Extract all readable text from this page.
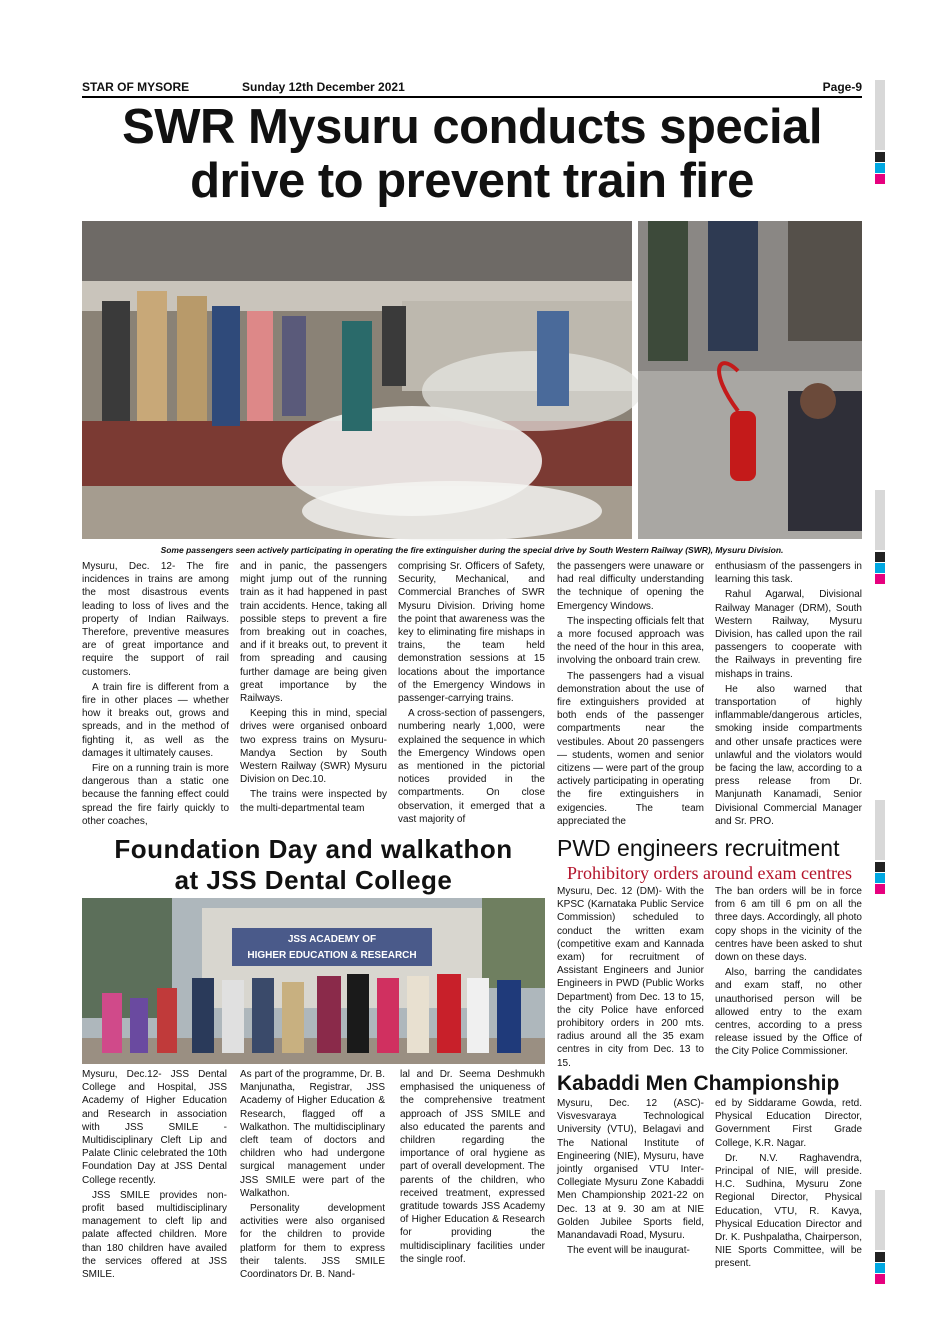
STAR OF MYSORE	Sunday 12th December 2021	Page-9
SWR Mysuru conducts special
drive to prevent train fire
Some passengers seen actively participating in operating the fire extinguisher during the special drive by South Western Railway (SWR), Mysuru Division.

Mysuru, Dec. 12- The fire incidences in trains are among the most disastrous events leading to loss of lives and the property of Indian Railways. Therefore, preventive measures are of great importance and require the support of rail customers.

A train fire is different from a fire in other places — whether how it breaks out, grows and spreads, and in the method of fighting it, as well as the damages it ultimately causes.

Fire on a running train is more dangerous than a static one because the fanning effect could spread the fire fairly quickly to other coaches,

and in panic, the passengers might jump out of the running train as it had happened in past train accidents. Hence, taking all possible steps to prevent a fire from breaking out in coaches, and if it breaks out, to prevent it from spreading and causing further damage are being given great importance by the Railways.

Keeping this in mind, special drives were organised onboard two express trains on Mysuru-Mandya Section by South Western Railway (SWR) Mysuru Division on Dec.10.

The trains were inspected by the multi-departmental team

comprising Sr. Officers of Safety, Security, Mechanical, and Commercial Branches of SWR Mysuru Division. Driving home the point that awareness was the key to eliminating fire mishaps in trains, the team held demonstration sessions at 15 locations about the importance of the Emergency Windows in passenger-carrying trains.

A cross-section of passengers, numbering nearly 1,000, were explained the sequence in which the Emergency Windows open as mentioned in the pictorial notices provided in the compartments. On close observation, it emerged that a vast majority of

the passengers were unaware or had real difficulty understanding the technique of opening the Emergency Windows.

The inspecting officials felt that a more focused approach was the need of the hour in this area, involving the onboard train crew.

The passengers had a visual demonstration about the use of fire extinguishers provided at both ends of the passenger compartments near the vestibules. About 20 passengers — students, women and senior citizens — were part of the group actively participating in operating the fire extinguishers in exigencies. The team appreciated the

enthusiasm of the passengers in learning this task.

Rahul Agarwal, Divisional Railway Manager (DRM), South Western Railway, Mysuru Division, has called upon the rail passengers to cooperate with the Railways in preventing fire mishaps in trains.

He also warned that transportation of highly inflammable/dangerous articles, smoking inside compartments and other unsafe practices were unlawful and the violators would be facing the law, according to a press release from Dr. Manjunath Kanamadi, Senior Divisional Commercial Manager and Sr. PRO.

Foundation Day and walkathon
at JSS Dental College
JSS ACADEMY OF
HIGHER EDUCATION & RESEARCH

Mysuru, Dec.12- JSS Dental College and Hospital, JSS Academy of Higher Education and Research in association with JSS SMILE - Multidisciplinary Cleft Lip and Palate Clinic celebrated the 10th Foundation Day at JSS Dental College recently.

JSS SMILE provides non-profit based multidisciplinary management to cleft lip and palate affected children. More than 180 children have availed the services offered at JSS SMILE.

As part of the programme, Dr. B. Manjunatha, Registrar, JSS Academy of Higher Education & Research, flagged off a Walkathon. The multidisciplinary cleft team of doctors and children who had undergone surgical management under JSS SMILE were part of the Walkathon.

Personality development activities were also organised for the children to provide platform for them to express their talents. JSS SMILE Coordinators Dr. B. Nand-

lal and Dr. Seema Deshmukh emphasised the uniqueness of the comprehensive treatment approach of JSS SMILE and also educated the parents and children regarding the importance of oral hygiene as part of overall development. The parents of the children, who received treatment, expressed gratitude towards JSS Academy of Higher Education & Research for providing the multidisciplinary facilities under the single roof.

PWD engineers recruitment
Prohibitory orders around exam centres

Mysuru, Dec. 12 (DM)- With the KPSC (Karnataka Public Service Commission) scheduled to conduct the written exam (competitive exam and Kannada exam) for recruitment of Assistant Engineers and Junior Engineers in PWD (Public Works Department) from Dec. 13 to 15, the city Police have enforced prohibitory orders in 200 mts. radius around all the 35 exam centres in city from Dec. 13 to 15.

The ban orders will be in force from 6 am till 6 pm on all the three days. Accordingly, all photo copy shops in the vicinity of the centres have been asked to shut down on these days.

Also, barring the candidates and exam staff, no other unauthorised person will be allowed entry to the exam centres, according to a press release issued by the Office of the City Police Commissioner.

Kabaddi Men Championship

Mysuru, Dec. 12 (ASC)- Visvesvaraya Technological University (VTU), Belagavi and The National Institute of Engineering (NIE), Mysuru, have jointly organised VTU Inter-Collegiate Mysuru Zone Kabaddi Men Championship 2021-22 on Dec. 13 at 9. 30 am at NIE Golden Jubilee Sports field, Manandavadi Road, Mysuru.

The event will be inaugurat-

ed by Siddarame Gowda, retd. Physical Education Director, Government First Grade College, K.R. Nagar.

Dr. N.V. Raghavendra, Principal of NIE, will preside. H.C. Sudhina, Mysuru Zone Regional Director, Physical Education, VTU, R. Kavya, Physical Education Director and Dr. K. Pushpalatha, Chairperson, NIE Sports Committee, will be present.
